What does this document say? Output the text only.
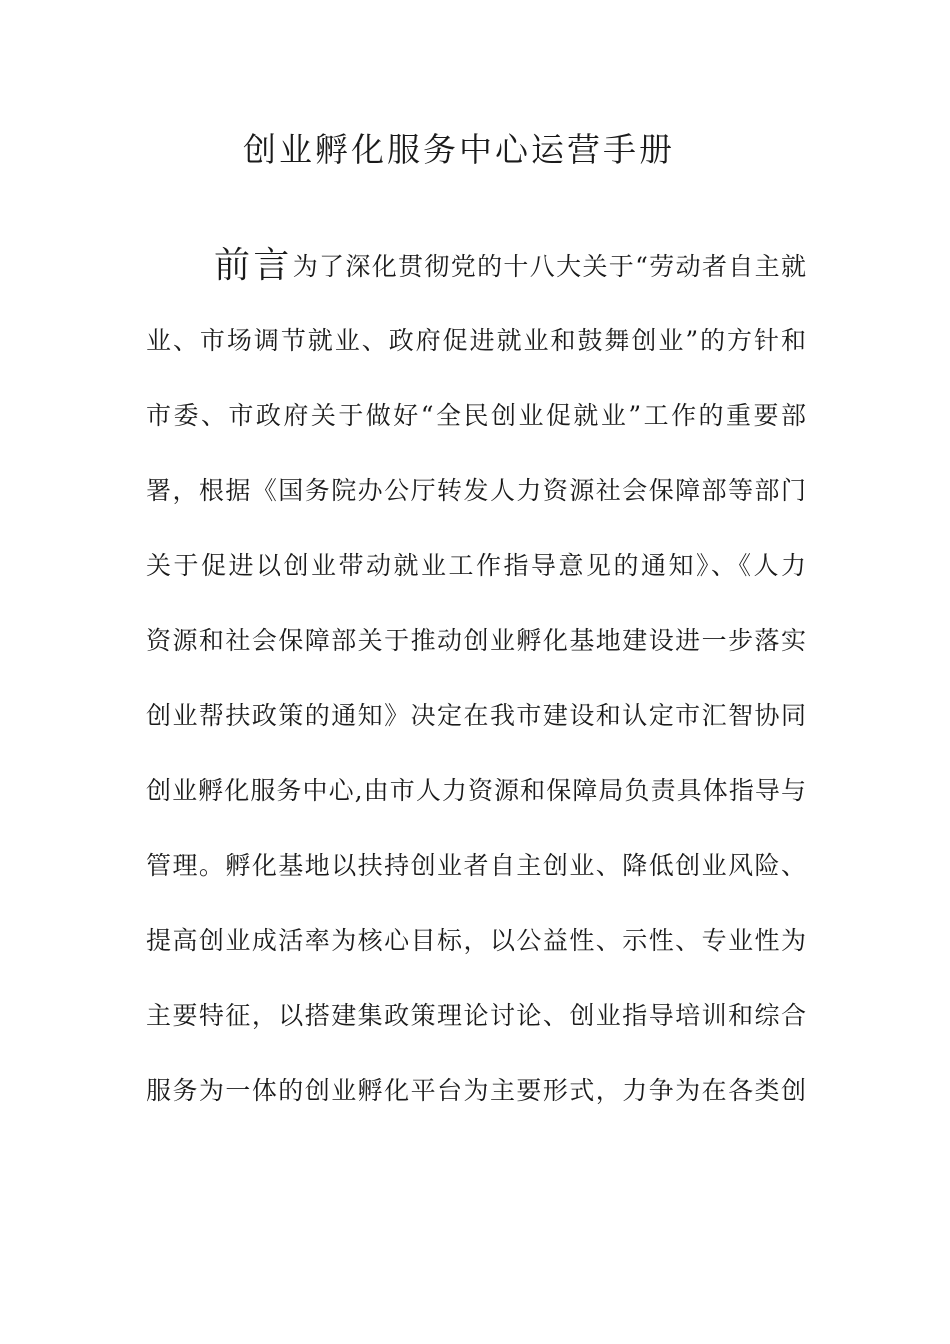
创业孵化服务中心运营手册
前言为了深化贯彻党的十八大关于“劳动者自主就
业、市场调节就业、政府促进就业和鼓舞创业”的方针和
市委、市政府关于做好“全民创业促就业”工作的重要部
署，根据《国务院办公厅转发人力资源社会保障部等部门
关于促进以创业带动就业工作指导意见的通知》、《人力
资源和社会保障部关于推动创业孵化基地建设进一步落实
创业帮扶政策的通知》决定在我市建设和认定市汇智协同
创业孵化服务中心,由市人力资源和保障局负责具体指导与
管理。孵化基地以扶持创业者自主创业、降低创业风险、
提高创业成活率为核心目标，以公益性、示性、专业性为
主要特征，以搭建集政策理论讨论、创业指导培训和综合
服务为一体的创业孵化平台为主要形式，力争为在各类创
